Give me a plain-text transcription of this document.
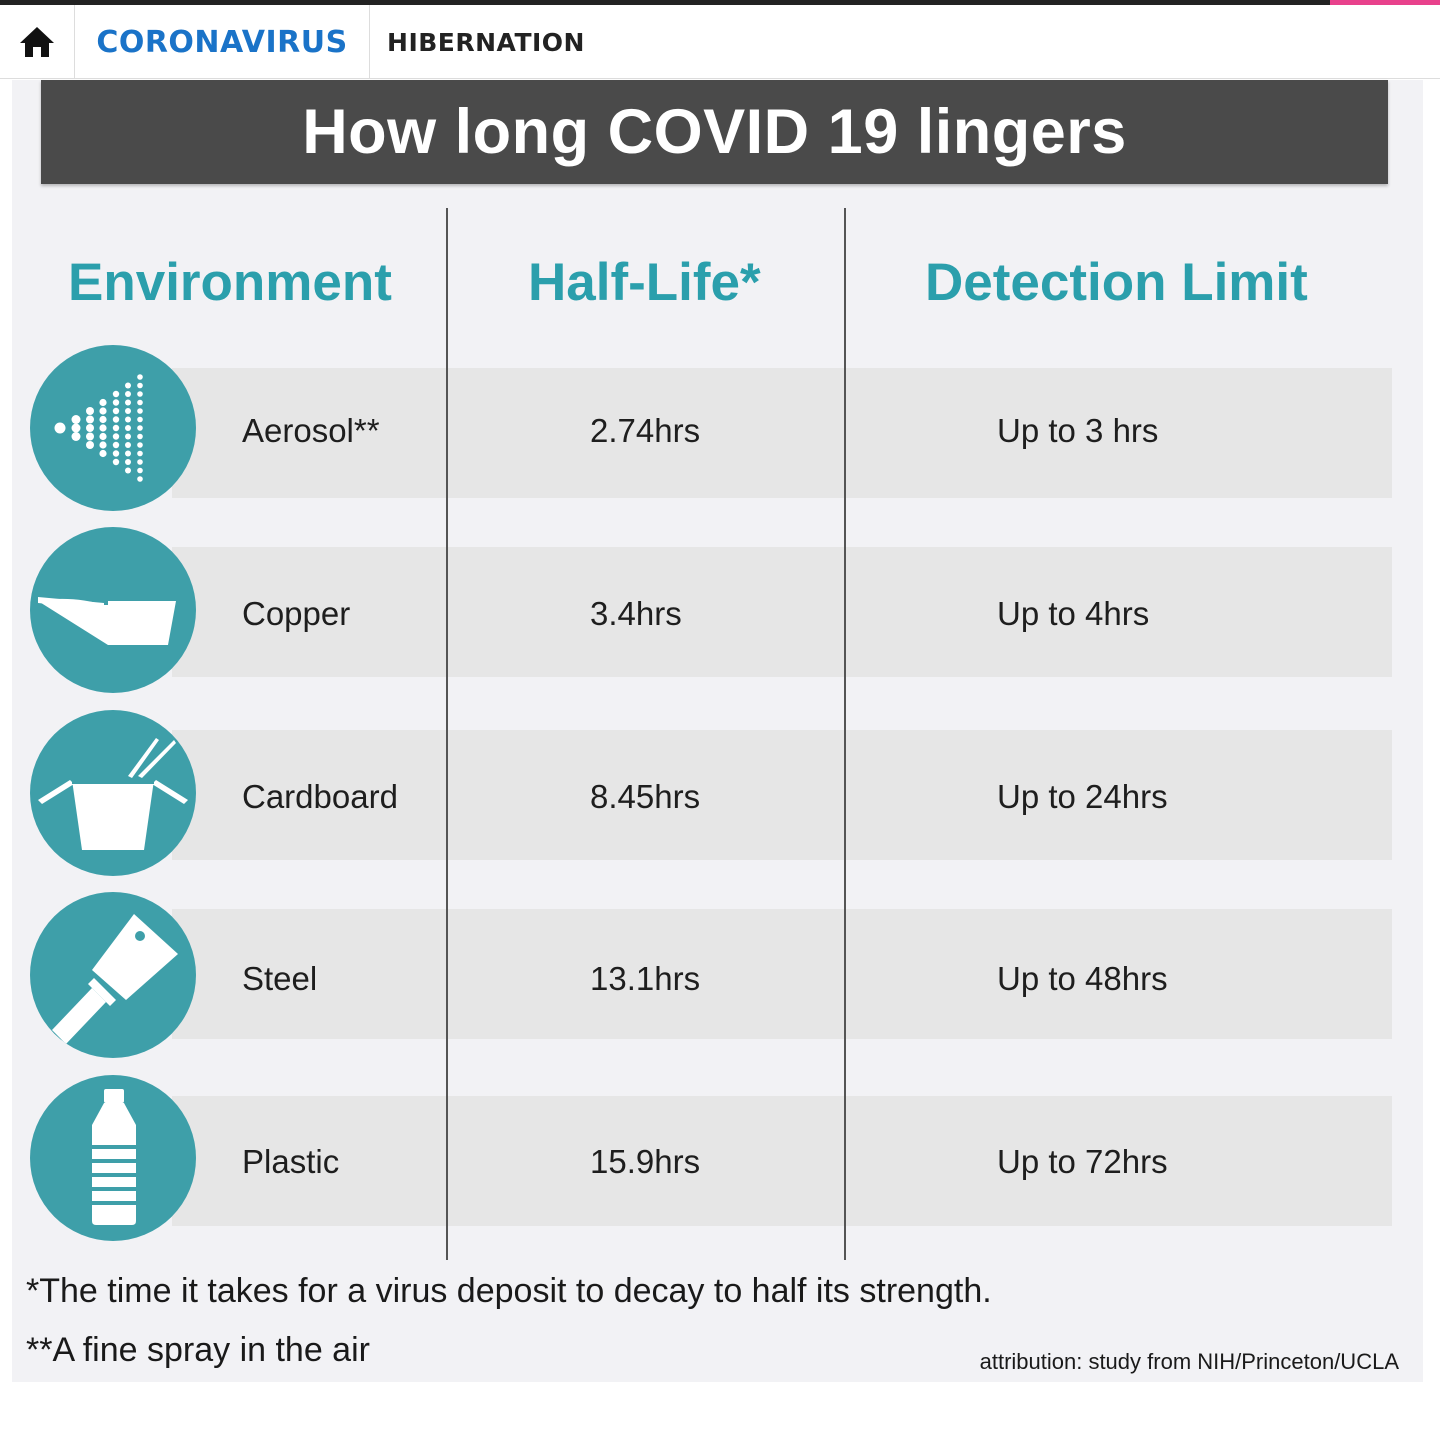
CORONAVIRUS	HIBERNATION
How long COVID 19 lingers
Environment	Half-Life*	Detection Limit
Aerosol**	2.74hrs	Up to 3 hrs
Copper	3.4hrs	Up to 4hrs
Cardboard	8.45hrs	Up to 24hrs
Steel	13.1hrs	Up to 48hrs
Plastic	15.9hrs	Up to 72hrs
*The time it takes for a virus deposit to decay to half its strength.
**A fine spray in the air	attribution: study from NIH/Princeton/UCLA
